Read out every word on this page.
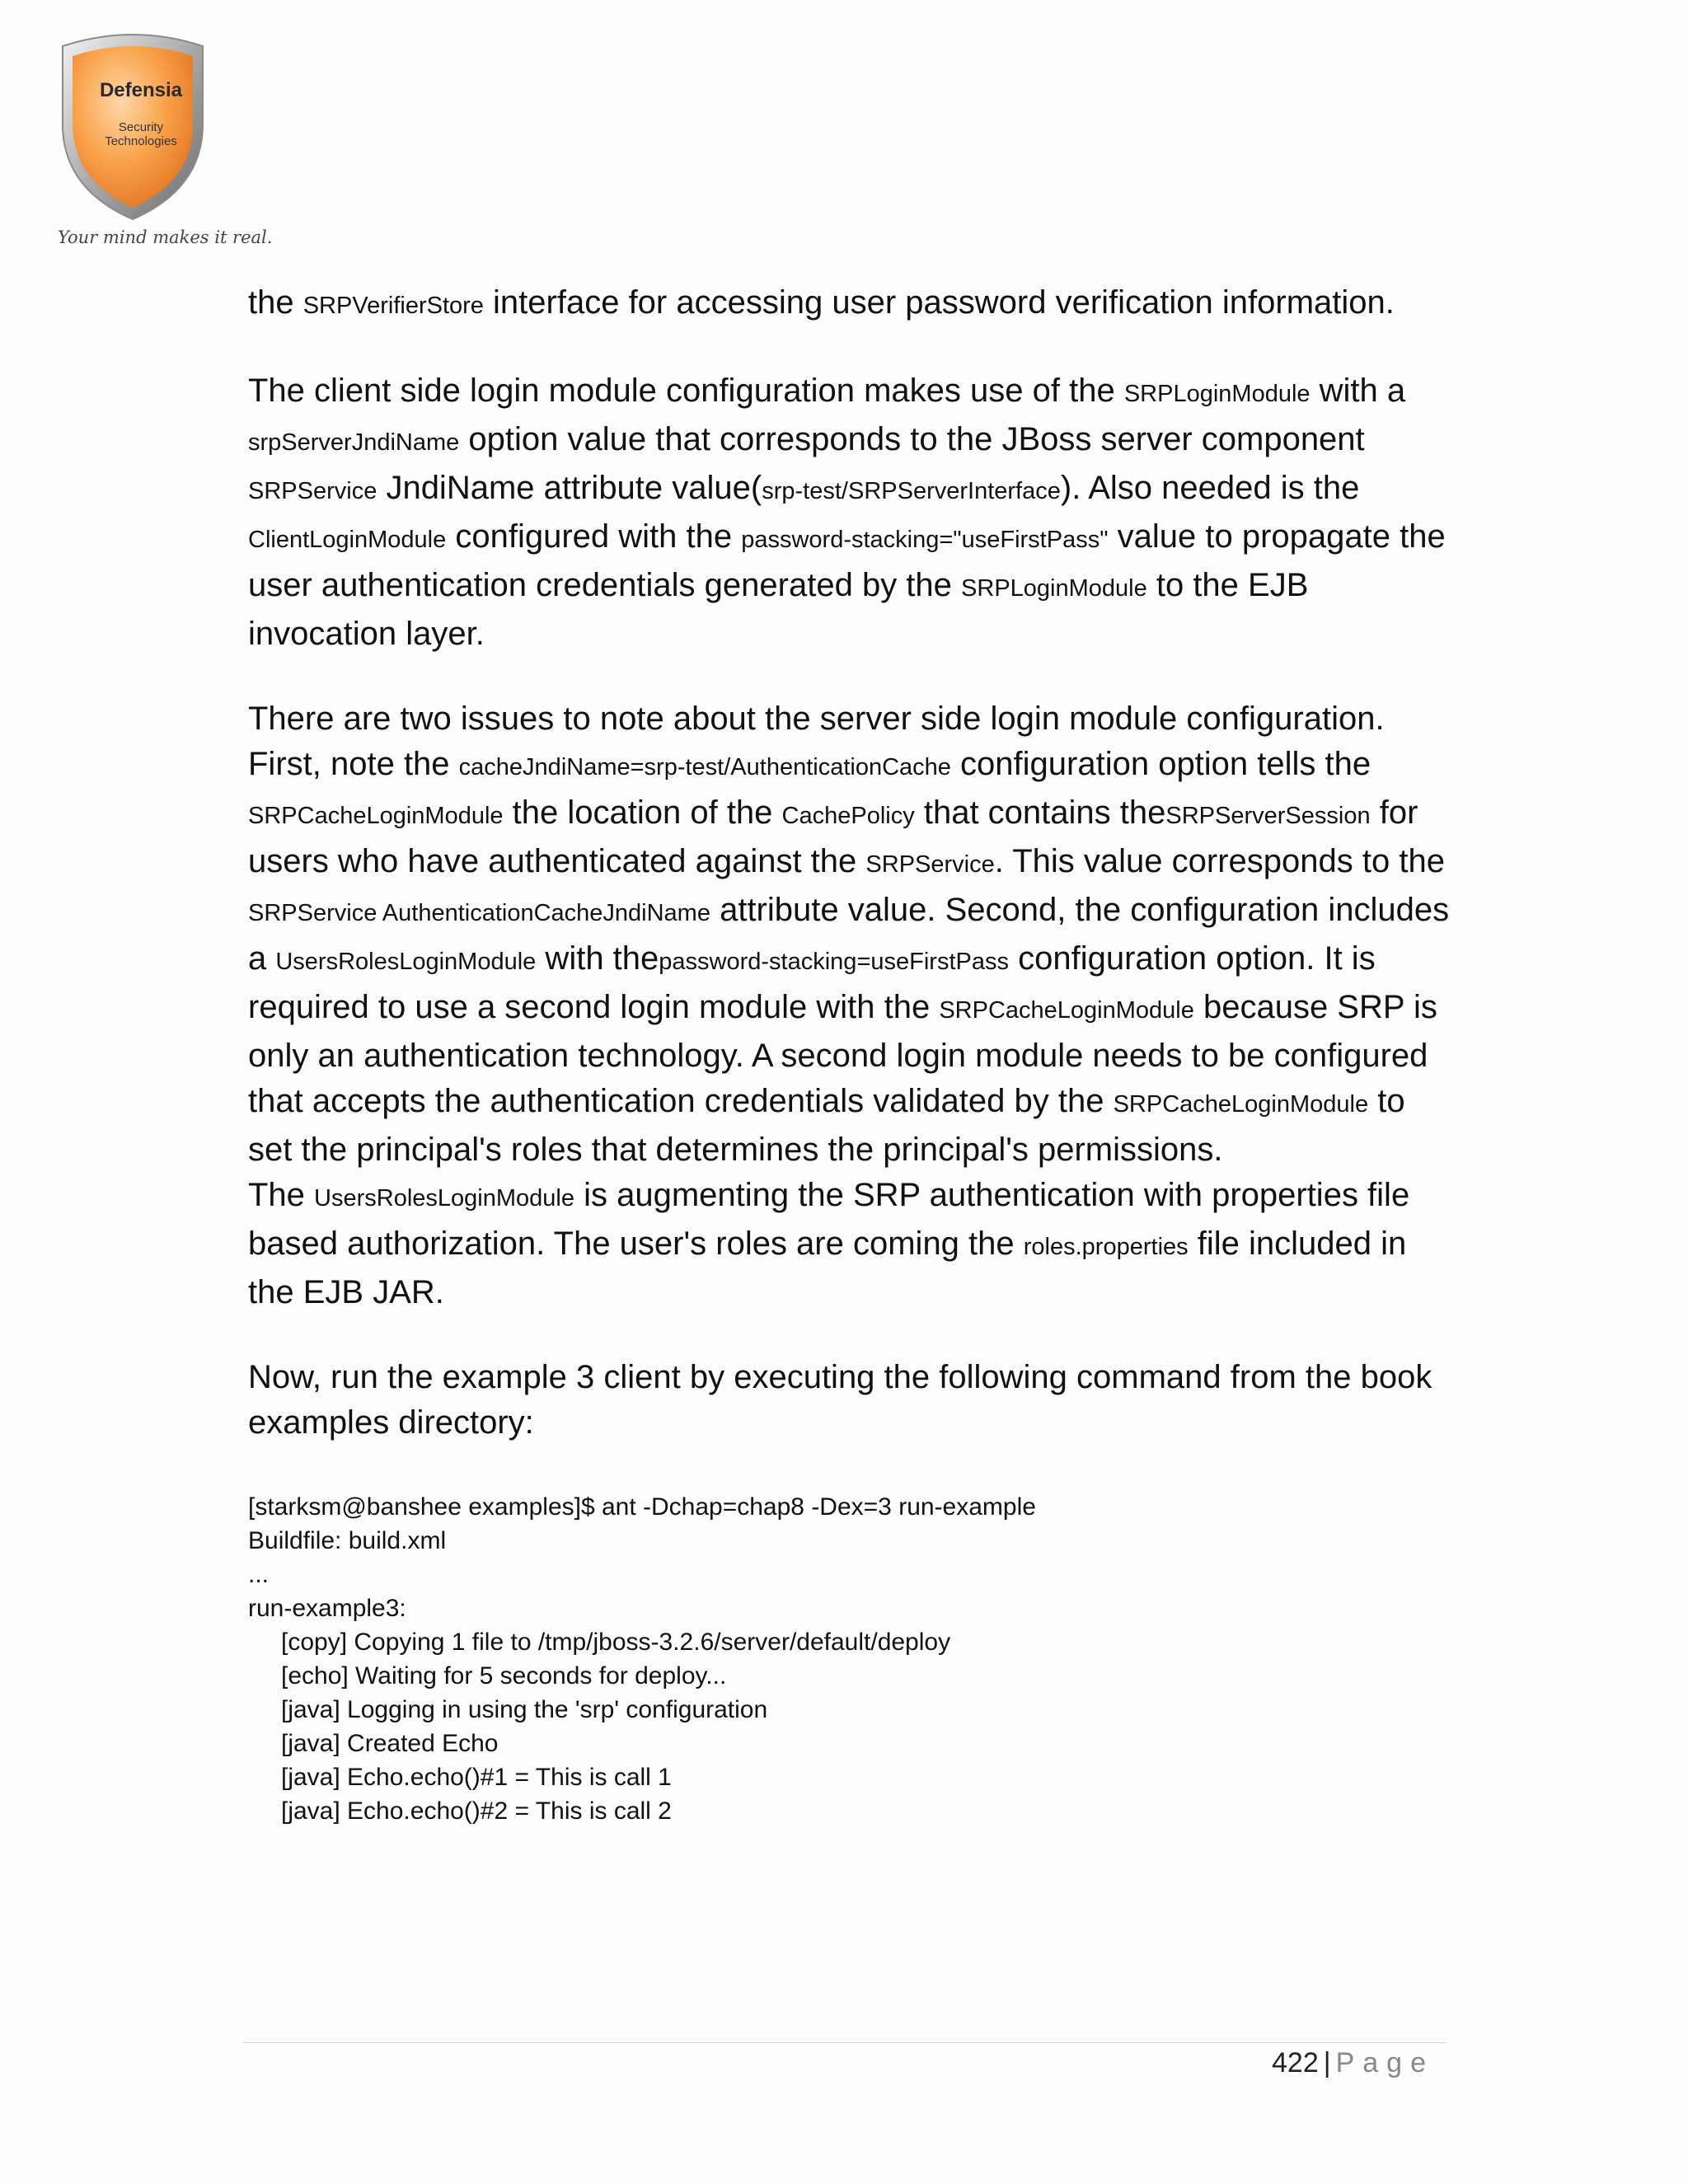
Defensia
Security
Technologies
Your mind makes it real.

the SRPVerifierStore interface for accessing user password verification information.

The client side login module configuration makes use of the SRPLoginModule with a srpServerJndiName option value that corresponds to the JBoss server component SRPService JndiName attribute value(srp-test/SRPServerInterface). Also needed is the ClientLoginModule configured with the password-stacking="useFirstPass" value to propagate the user authentication credentials generated by the SRPLoginModule to the EJB invocation layer.

There are two issues to note about the server side login module configuration. First, note the cacheJndiName=srp-test/AuthenticationCache configuration option tells the SRPCacheLoginModule the location of the CachePolicy that contains theSRPServerSession for users who have authenticated against the SRPService. This value corresponds to the SRPService AuthenticationCacheJndiName attribute value. Second, the configuration includes a UsersRolesLoginModule with thepassword-stacking=useFirstPass configuration option. It is required to use a second login module with the SRPCacheLoginModule because SRP is only an authentication technology. A second login module needs to be configured that accepts the authentication credentials validated by the SRPCacheLoginModule to set the principal's roles that determines the principal's permissions.
The UsersRolesLoginModule is augmenting the SRP authentication with properties file based authorization. The user's roles are coming the roles.properties file included in the EJB JAR.

Now, run the example 3 client by executing the following command from the book examples directory:

[starksm@banshee examples]$ ant -Dchap=chap8 -Dex=3 run-example
Buildfile: build.xml
...
run-example3:
[copy] Copying 1 file to /tmp/jboss-3.2.6/server/default/deploy
[echo] Waiting for 5 seconds for deploy...
[java] Logging in using the 'srp' configuration
[java] Created Echo
[java] Echo.echo()#1 = This is call 1
[java] Echo.echo()#2 = This is call 2
422 | Page
